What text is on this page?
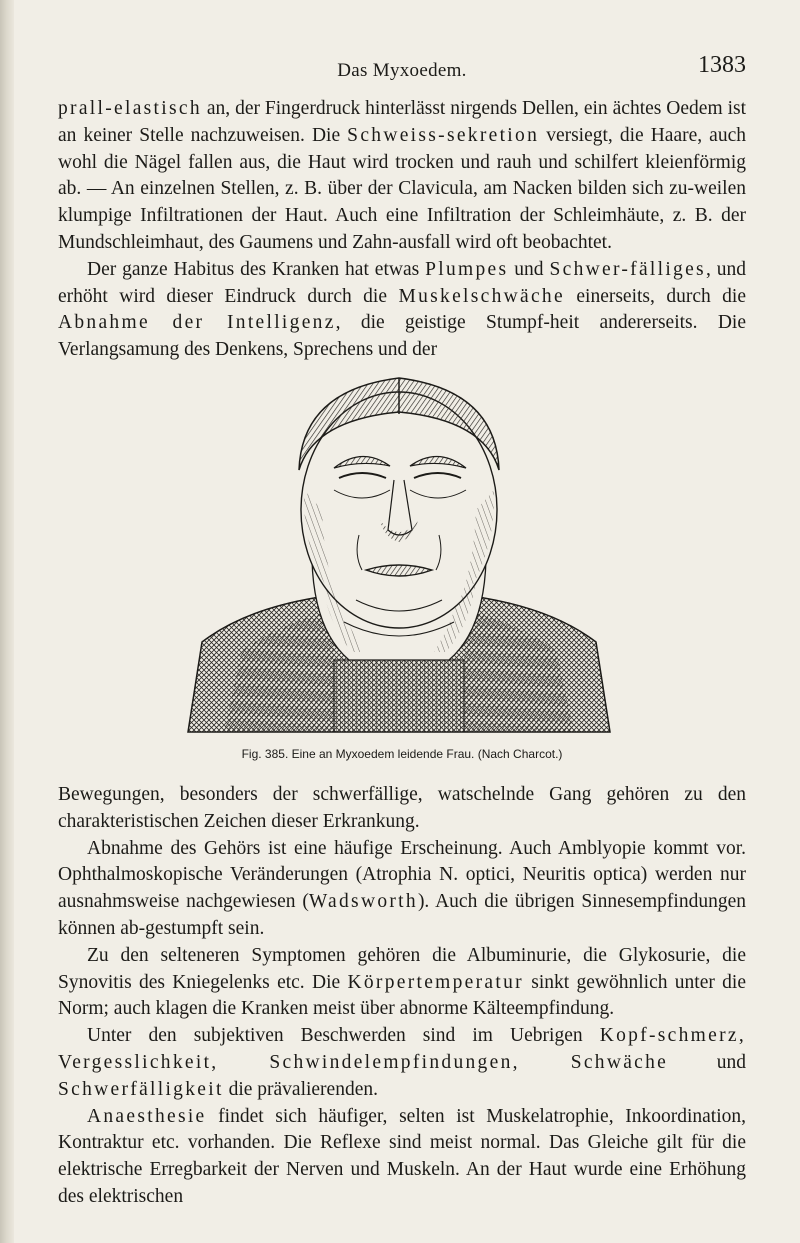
Das Myxoedem.	1383

prall-elastisch an, der Fingerdruck hinterlässt nirgends Dellen, ein ächtes Oedem ist an keiner Stelle nachzuweisen. Die Schweiss-sekretion versiegt, die Haare, auch wohl die Nägel fallen aus, die Haut wird trocken und rauh und schilfert kleienförmig ab. — An einzelnen Stellen, z. B. über der Clavicula, am Nacken bilden sich zu-weilen klumpige Infiltrationen der Haut. Auch eine Infiltration der Schleimhäute, z. B. der Mundschleimhaut, des Gaumens und Zahn-ausfall wird oft beobachtet.

Der ganze Habitus des Kranken hat etwas Plumpes und Schwer-fälliges, und erhöht wird dieser Eindruck durch die Muskelschwäche einerseits, durch die Abnahme der Intelligenz, die geistige Stumpf-heit andererseits. Die Verlangsamung des Denkens, Sprechens und der

Fig. 385. Eine an Myxoedem leidende Frau. (Nach Charcot.)

Bewegungen, besonders der schwerfällige, watschelnde Gang gehören zu den charakteristischen Zeichen dieser Erkrankung.

Abnahme des Gehörs ist eine häufige Erscheinung. Auch Amblyopie kommt vor. Ophthalmoskopische Veränderungen (Atrophia N. optici, Neuritis optica) werden nur ausnahmsweise nachgewiesen (Wadsworth). Auch die übrigen Sinnesempfindungen können ab-gestumpft sein.

Zu den selteneren Symptomen gehören die Albuminurie, die Glykosurie, die Synovitis des Kniegelenks etc. Die Körpertemperatur sinkt gewöhnlich unter die Norm; auch klagen die Kranken meist über abnorme Kälteempfindung.

Unter den subjektiven Beschwerden sind im Uebrigen Kopf-schmerz, Vergesslichkeit, Schwindelempfindungen, Schwäche und Schwerfälligkeit die prävalierenden.

Anaesthesie findet sich häufiger, selten ist Muskelatrophie, Inkoordination, Kontraktur etc. vorhanden. Die Reflexe sind meist normal. Das Gleiche gilt für die elektrische Erregbarkeit der Nerven und Muskeln. An der Haut wurde eine Erhöhung des elektrischen
